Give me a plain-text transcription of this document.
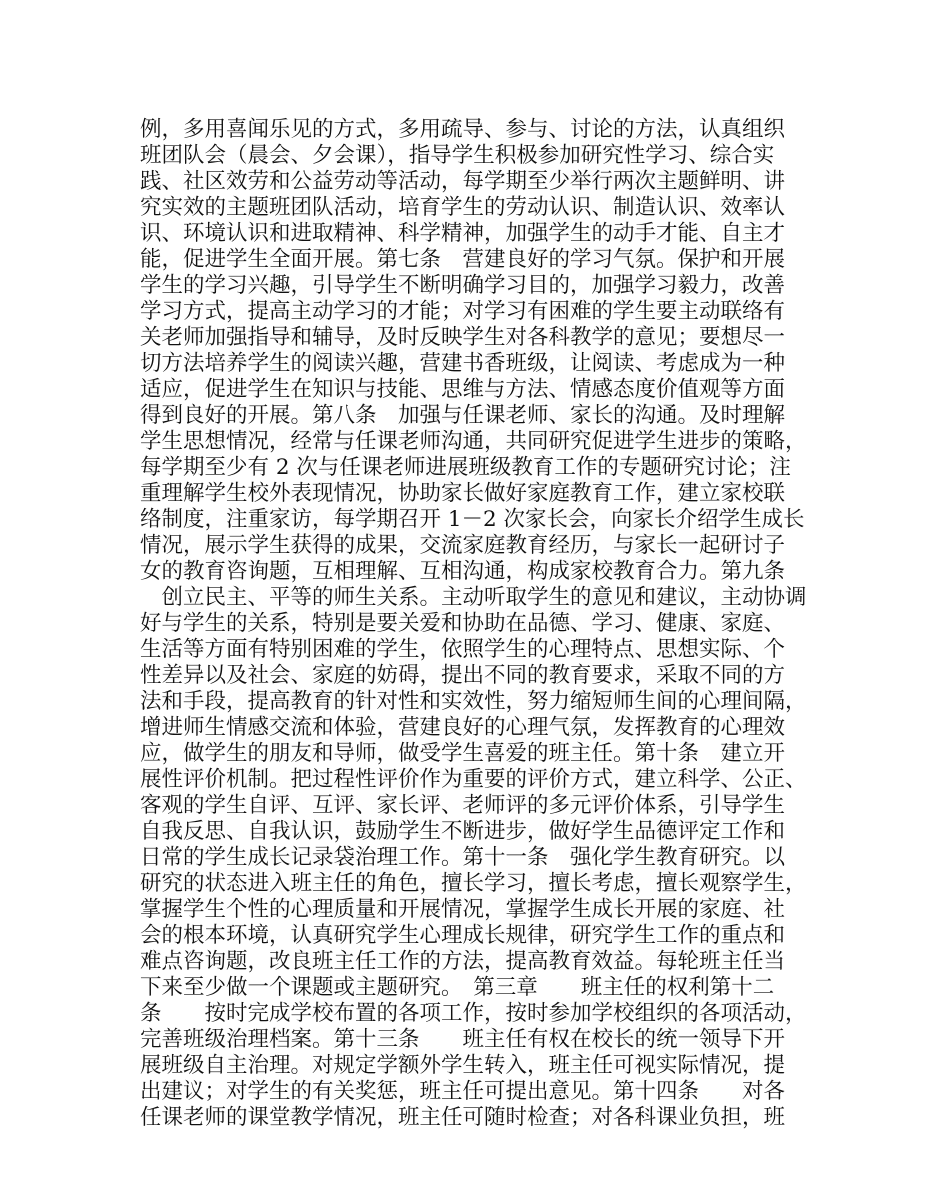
例，多用喜闻乐见的方式，多用疏导、参与、讨论的方法，认真组织
班团队会（晨会、夕会课），指导学生积极参加研究性学习、综合实
践、社区效劳和公益劳动等活动，每学期至少举行两次主题鲜明、讲
究实效的主题班团队活动，培育学生的劳动认识、制造认识、效率认
识、环境认识和进取精神、科学精神，加强学生的动手才能、自主才
能，促进学生全面开展。第七条　营建良好的学习气氛。保护和开展
学生的学习兴趣，引导学生不断明确学习目的，加强学习毅力，改善
学习方式，提高主动学习的才能；对学习有困难的学生要主动联络有
关老师加强指导和辅导，及时反映学生对各科教学的意见；要想尽一
切方法培养学生的阅读兴趣，营建书香班级，让阅读、考虑成为一种
适应，促进学生在知识与技能、思维与方法、情感态度价值观等方面
得到良好的开展。第八条　加强与任课老师、家长的沟通。及时理解
学生思想情况，经常与任课老师沟通，共同研究促进学生进步的策略，
每学期至少有 2 次与任课老师进展班级教育工作的专题研究讨论；注
重理解学生校外表现情况，协助家长做好家庭教育工作，建立家校联
络制度，注重家访，每学期召开 1－2 次家长会，向家长介绍学生成长
情况，展示学生获得的成果，交流家庭教育经历，与家长一起研讨子
女的教育咨询题，互相理解、互相沟通，构成家校教育合力。第九条
　创立民主、平等的师生关系。主动听取学生的意见和建议，主动协调
好与学生的关系，特别是要关爱和协助在品德、学习、健康、家庭、
生活等方面有特别困难的学生，依照学生的心理特点、思想实际、个
性差异以及社会、家庭的妨碍，提出不同的教育要求，采取不同的方
法和手段，提高教育的针对性和实效性，努力缩短师生间的心理间隔，
增进师生情感交流和体验，营建良好的心理气氛，发挥教育的心理效
应，做学生的朋友和导师，做受学生喜爱的班主任。第十条　建立开
展性评价机制。把过程性评价作为重要的评价方式，建立科学、公正、
客观的学生自评、互评、家长评、老师评的多元评价体系，引导学生
自我反思、自我认识，鼓励学生不断进步，做好学生品德评定工作和
日常的学生成长记录袋治理工作。第十一条　强化学生教育研究。以
研究的状态进入班主任的角色，擅长学习，擅长考虑，擅长观察学生，
掌握学生个性的心理质量和开展情况，掌握学生成长开展的家庭、社
会的根本环境，认真研究学生心理成长规律，研究学生工作的重点和
难点咨询题，改良班主任工作的方法，提高教育效益。每轮班主任当
下来至少做一个课题或主题研究。　第三章　　班主任的权利第十二
条　　按时完成学校布置的各项工作，按时参加学校组织的各项活动，
完善班级治理档案。第十三条　　班主任有权在校长的统一领导下开
展班级自主治理。对规定学额外学生转入，班主任可视实际情况，提
出建议；对学生的有关奖惩，班主任可提出意见。第十四条　　对各
任课老师的课堂教学情况，班主任可随时检查；对各科课业负担，班
